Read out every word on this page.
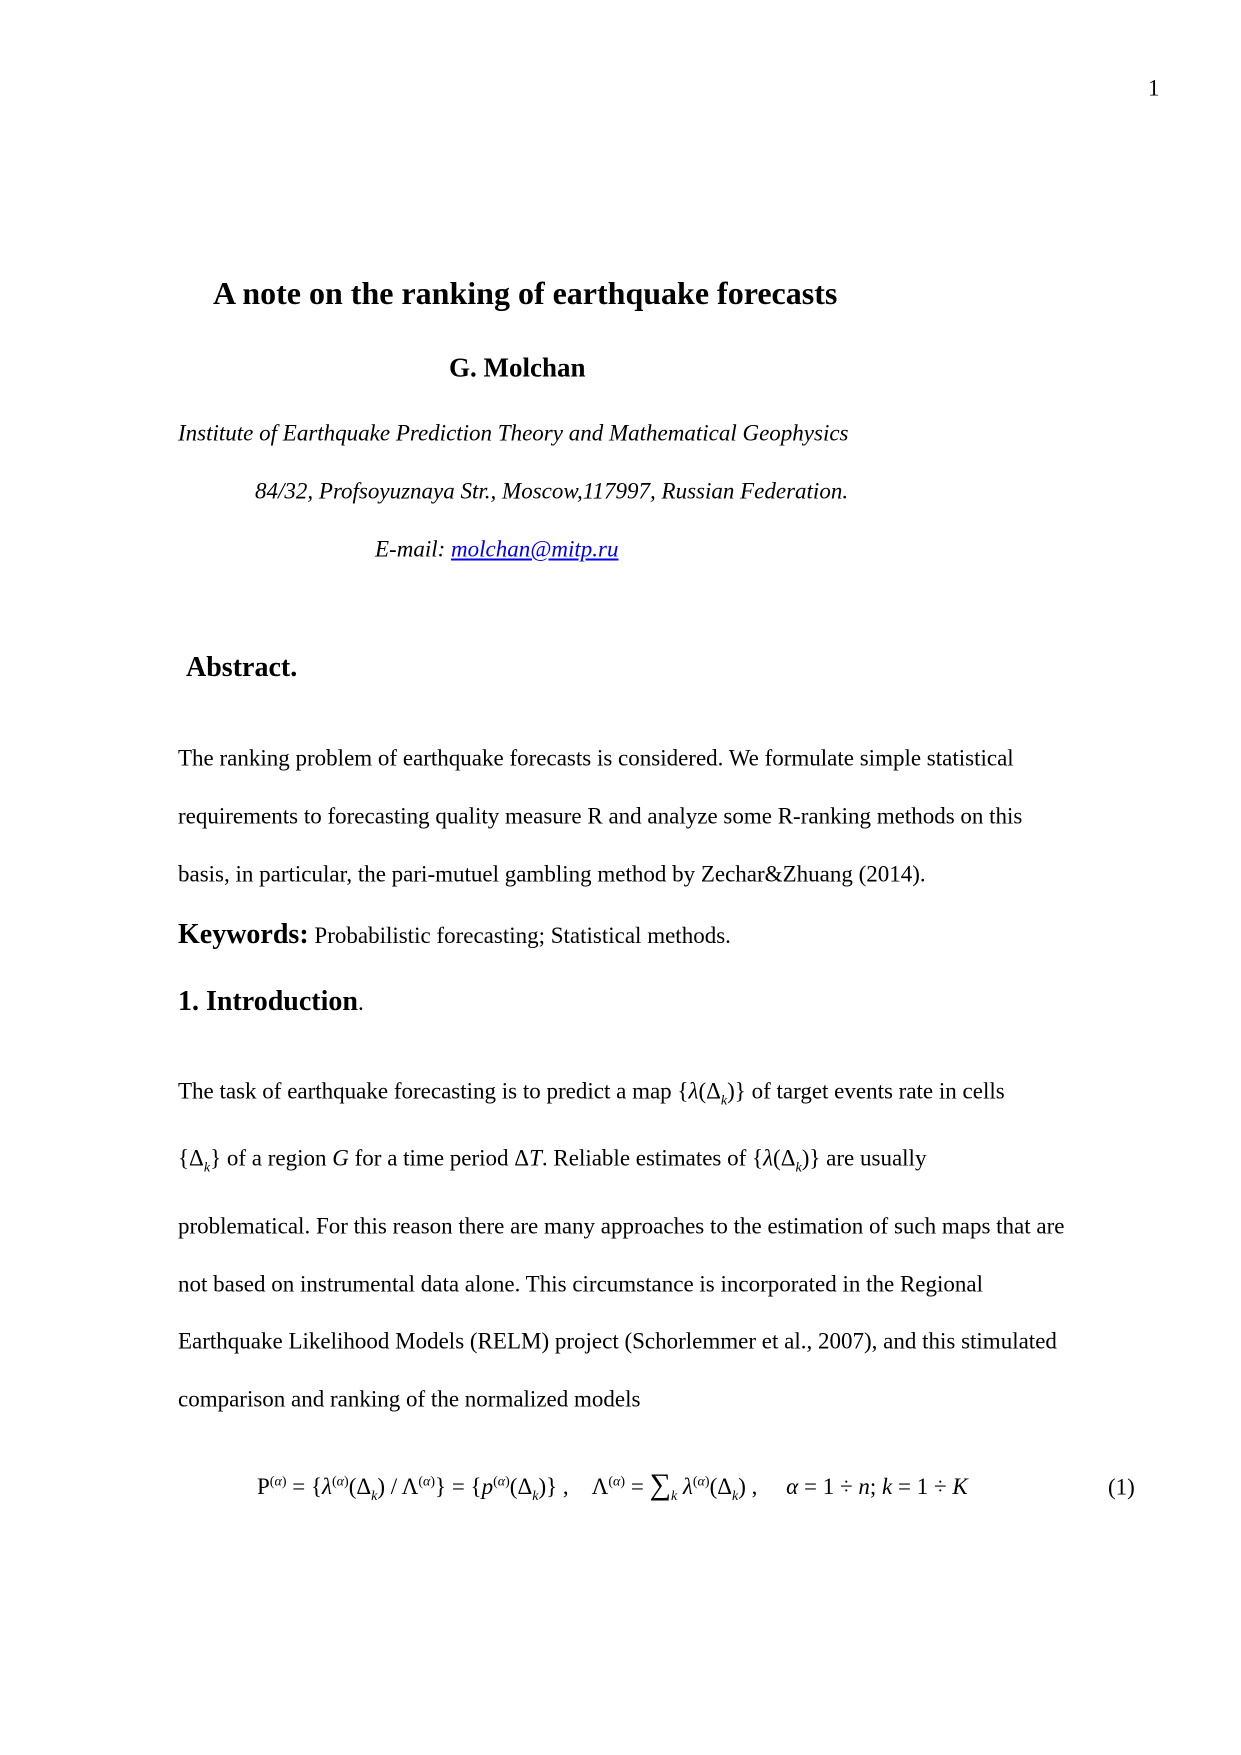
1
A note on the ranking of earthquake forecasts
G. Molchan
Institute of Earthquake Prediction Theory and Mathematical Geophysics
84/32, Profsoyuznaya Str., Moscow,117997, Russian Federation.
E-mail: molchan@mitp.ru
Abstract.
The ranking problem of earthquake forecasts is considered. We formulate simple statistical
requirements to forecasting quality measure R and analyze some R-ranking methods on this
basis, in particular, the pari-mutuel gambling method by Zechar&Zhuang (2014).
Keywords: Probabilistic forecasting; Statistical methods.
1. Introduction.
The task of earthquake forecasting is to predict a map $\{\lambda(\Delta_k)\}$ of target events rate in cells
$\{\Delta_k\}$ of a region G for a time period ΔT. Reliable estimates of $\{\lambda(\Delta_k)\}$ are usually
problematical. For this reason there are many approaches to the estimation of such maps that are
not based on instrumental data alone. This circumstance is incorporated in the Regional
Earthquake Likelihood Models (RELM) project (Schorlemmer et al., 2007), and this stimulated
comparison and ranking of the normalized models
$P^{(\alpha)} = \{\lambda^{(\alpha)}(\Delta_k) / \Lambda^{(\alpha)}\} = \{p^{(\alpha)}(\Delta_k)\}$ ,    $\Lambda^{(\alpha)} = \sum_k$ $\lambda^{(\alpha)}(\Delta_k)$ ,     α = 1 ÷ n; k = 1 ÷ K	(1)
